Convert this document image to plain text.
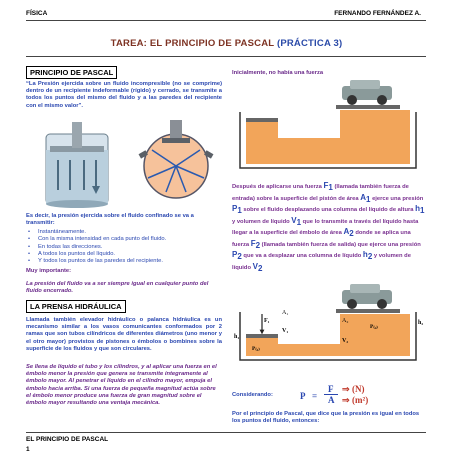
FÍSICA	FERNANDO FERNÁNDEZ A.
TAREA: EL PRINCIPIO DE PASCAL (PRÁCTICA 3)
PRINCIPIO DE PASCAL
“La Presión ejercida sobre un fluido incompresible (no se comprime) dentro de un recipiente indeformable (rígido) y cerrado, se transmite a todos los puntos del mismo del fluido y a las paredes del recipiente con el mismo valor”.
Es decir, la presión ejercida sobre el fluido confinado se va a transmitir:
• Instantáneamente.
• Con la misma intensidad en cada punto del fluido.
• En todas las direcciones.
• A todos los puntos del líquido.
• Y todos los puntos de las paredes del recipiente.
Muy importante:
La presión del fluido va a ser siempre igual en cualquier punto del fluido encerrado.
LA PRENSA HIDRÁULICA
Llamada también elevador hidráulico o palanca hidráulica es un mecanismo similar a los vasos comunicantes conformados por 2 ramas que son tubos cilíndricos de diferentes diámetros (uno menor y el otro mayor) provistos de pistones o émbolos o bombines sobre la superficie de los fluidos y que son circulares.
Se llena de líquido el tubo y los cilindros, y al aplicar una fuerza en el émbolo menor la presión que genera se transmite íntegramente al émbolo mayor. Al penetrar el líquido en el cilindro mayor, empuja el émbolo hacia arriba. Si una fuerza de pequeña magnitud actúa sobre el émbolo menor produce una fuerza de gran magnitud sobre el émbolo mayor resultando una ventaja mecánica.
Inicialmente, no había una fuerza
Después de aplicarse una fuerza $F_1$ (llamada también fuerza de entrada) sobre la superficie del pistón de área $A_1$ ejerce una presión $P_1$ sobre el fluido desplazando una columna del líquido de altura $h_1$ y volumen de líquido $V_1$ que lo transmite a través del líquido hasta llegar a la superficie del émbolo de área $A_2$ donde se aplica una fuerza $F_2$ (llamada también fuerza de salida) que ejerce una presión $P_2$ que va a desplazar una columna de líquido $h_2$ y volumen de líquido $V_2$
F₁
h₁
V₁
P₍₁₎
A₂
P₍₂₎
V₂
h₂
A₁
Considerando:	P =
F
A
⇒ (N)
⇒ (m²)
Por el principio de Pascal, que dice que la presión es igual en todos los puntos del fluido, entonces:
EL PRINCIPIO DE PASCAL
1
